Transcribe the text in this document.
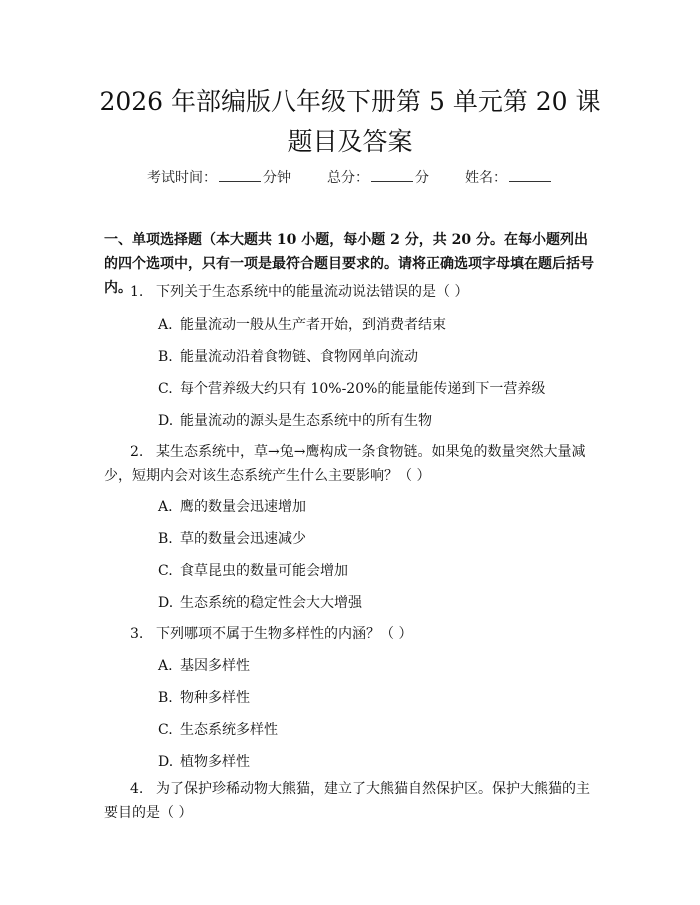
2026 年部编版八年级下册第 5 单元第 20 课
题目及答案
考试时间：	分钟	总分：	分	姓名：
一、单项选择题（本大题共 10 小题，每小题 2 分，共 20 分。在每小题列出的四个选项中，只有一项是最符合题目要求的。请将正确选项字母填在题后括号内。
1. 下列关于生态系统中的能量流动说法错误的是（ ）
A. 能量流动一般从生产者开始，到消费者结束
B. 能量流动沿着食物链、食物网单向流动
C. 每个营养级大约只有 10%-20%的能量能传递到下一营养级
D. 能量流动的源头是生态系统中的所有生物
2. 某生态系统中，草→兔→鹰构成一条食物链。如果兔的数量突然大量减少，短期内会对该生态系统产生什么主要影响？（ ）
A. 鹰的数量会迅速增加
B. 草的数量会迅速减少
C. 食草昆虫的数量可能会增加
D. 生态系统的稳定性会大大增强
3. 下列哪项不属于生物多样性的内涵？（ ）
A. 基因多样性
B. 物种多样性
C. 生态系统多样性
D. 植物多样性
4. 为了保护珍稀动物大熊猫，建立了大熊猫自然保护区。保护大熊猫的主要目的是（ ）
